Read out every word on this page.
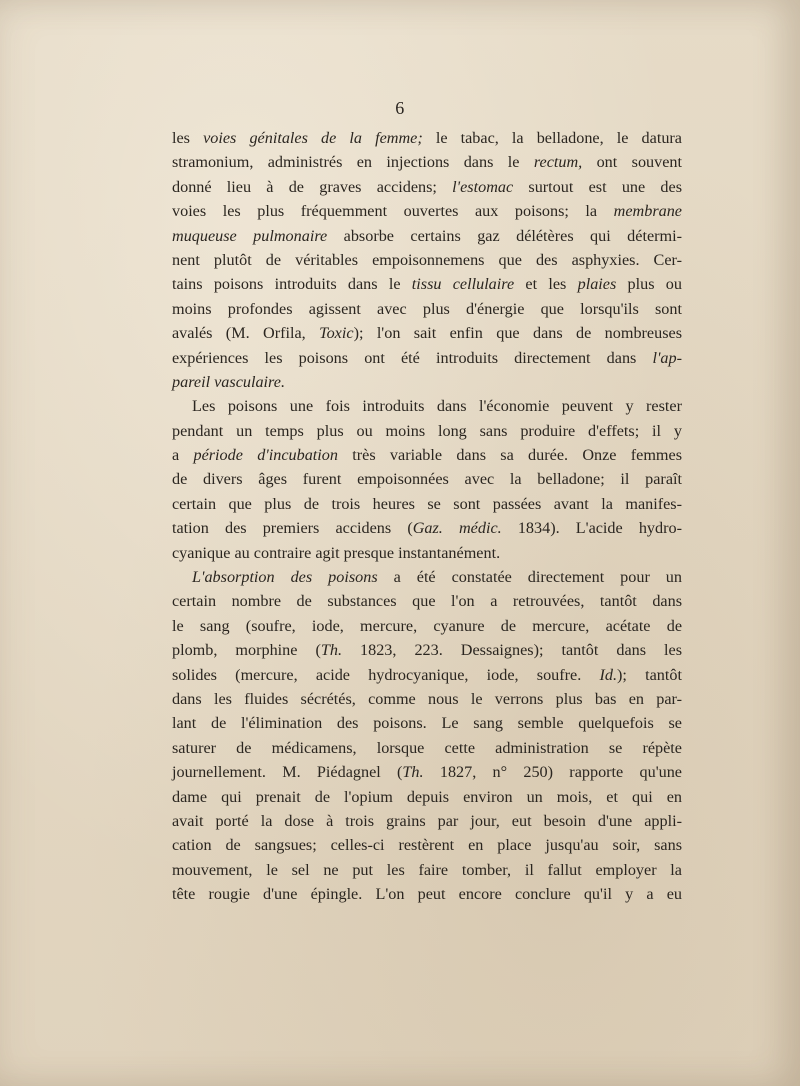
6
les voies génitales de la femme; le tabac, la belladone, le datura
stramonium, administrés en injections dans le rectum, ont souvent
donné lieu à de graves accidens; l'estomac surtout est une des
voies les plus fréquemment ouvertes aux poisons; la membrane
muqueuse pulmonaire absorbe certains gaz délétères qui détermi-
nent plutôt de véritables empoisonnemens que des asphyxies. Cer-
tains poisons introduits dans le tissu cellulaire et les plaies plus ou
moins profondes agissent avec plus d'énergie que lorsqu'ils sont
avalés (M. Orfila, Toxic); l'on sait enfin que dans de nombreuses
expériences les poisons ont été introduits directement dans l'ap-
pareil vasculaire.
Les poisons une fois introduits dans l'économie peuvent y rester
pendant un temps plus ou moins long sans produire d'effets; il y
a période d'incubation très variable dans sa durée. Onze femmes
de divers âges furent empoisonnées avec la belladone; il paraît
certain que plus de trois heures se sont passées avant la manifes-
tation des premiers accidens (Gaz. médic. 1834). L'acide hydro-
cyanique au contraire agit presque instantanément.
L'absorption des poisons a été constatée directement pour un
certain nombre de substances que l'on a retrouvées, tantôt dans
le sang (soufre, iode, mercure, cyanure de mercure, acétate de
plomb, morphine (Th. 1823, 223. Dessaignes); tantôt dans les
solides (mercure, acide hydrocyanique, iode, soufre. Id.); tantôt
dans les fluides sécrétés, comme nous le verrons plus bas en par-
lant de l'élimination des poisons. Le sang semble quelquefois se
saturer de médicamens, lorsque cette administration se répète
journellement. M. Piédagnel (Th. 1827, n° 250) rapporte qu'une
dame qui prenait de l'opium depuis environ un mois, et qui en
avait porté la dose à trois grains par jour, eut besoin d'une appli-
cation de sangsues; celles-ci restèrent en place jusqu'au soir, sans
mouvement, le sel ne put les faire tomber, il fallut employer la
tête rougie d'une épingle. L'on peut encore conclure qu'il y a eu
